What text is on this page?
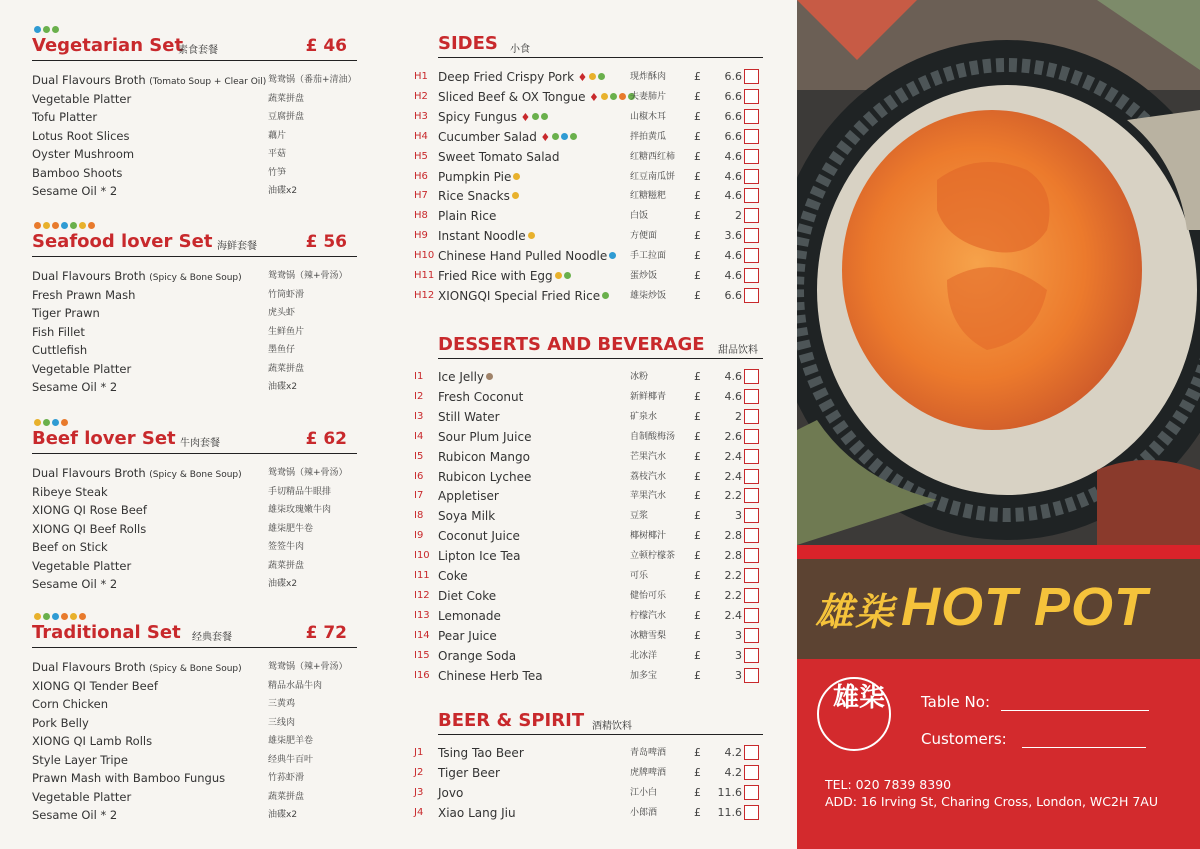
Vegetarian Set
素食套餐	£ 46
Dual Flavours Broth (Tomato Soup + Clear Oil) 鸳鸯锅（番茄+清油）
Vegetable Platter	蔬菜拼盘
Tofu Platter	豆腐拼盘
Lotus Root Slices	藕片
Oyster Mushroom	平菇
Bamboo Shoots	竹笋
Sesame Oil * 2	油碟x2
Seafood lover Set 海鲜套餐	£ 56
Dual Flavours Broth (Spicy & Bone Soup)	鸳鸯锅（辣+骨汤）
Fresh Prawn Mash	竹筒虾滑
Tiger Prawn	虎头虾
Fish Fillet	生鲜鱼片
Cuttlefish	墨鱼仔
Vegetable Platter	蔬菜拼盘
Sesame Oil * 2	油碟x2
Beef lover Set 牛肉套餐	£ 62
Dual Flavours Broth (Spicy & Bone Soup)	鸳鸯锅（辣+骨汤）
Ribeye Steak	手切精品牛眼排
XIONG QI Rose Beef	雄柒玫瑰嫩牛肉
XIONG QI Beef Rolls	雄柒肥牛卷
Beef on Stick	签签牛肉
Vegetable Platter	蔬菜拼盘
Sesame Oil * 2	油碟x2
Traditional Set 经典套餐	£ 72
Dual Flavours Broth (Spicy & Bone Soup)	鸳鸯锅（辣+骨汤）
XIONG QI Tender Beef	精品水晶牛肉
Corn Chicken	三黄鸡
Pork Belly	三线肉
XIONG QI Lamb Rolls	雄柒肥羊卷
Style Layer Tripe	经典牛百叶
Prawn Mash with Bamboo Fungus	竹荪虾滑
Vegetable Platter	蔬菜拼盘
Sesame Oil * 2	油碟x2
SIDES 小食
H1 Deep Fried Crispy Pork ♦	现炸酥肉	£	6.6
H2 Sliced Beef & OX Tongue ♦	夫妻肺片	£	6.6
H3 Spicy Fungus ♦	山椒木耳	£	6.6
H4 Cucumber Salad ♦	拌拍黄瓜	£	6.6
H5 Sweet Tomato Salad	红糖西红柿 £	4.6
H6 Pumpkin Pie	红豆南瓜饼 £	4.6
H7 Rice Snacks	红糖糍粑	£	4.6
H8 Plain Rice	白饭	£	2
H9 Instant Noodle	方便面	£	3.6
H10 Chinese Hand Pulled Noodle	手工拉面	£	4.6
H11 Fried Rice with Egg	蛋炒饭	£	4.6
H12 XIONGQI Special Fried Rice	雄柒炒饭	£	6.6
DESSERTS AND BEVERAGE 甜品饮料
I1 Ice Jelly	冰粉	£	4.6
I2 Fresh Coconut	新鲜椰青	£	4.6
I3 Still Water	矿泉水	£	2
I4 Sour Plum Juice	自制酸梅汤 £	2.6
I5 Rubicon Mango	芒果汽水	£	2.4
I6 Rubicon Lychee	荔枝汽水	£	2.4
I7 Appletiser	苹果汽水	£	2.2
I8 Soya Milk	豆浆	£	3
I9 Coconut Juice	椰树椰汁	£	2.8
I10 Lipton Ice Tea	立顿柠檬茶 £	2.8
I11 Coke	可乐	£	2.2
I12 Diet Coke	健怡可乐	£	2.2
I13 Lemonade	柠檬汽水	£	2.4
I14 Pear Juice	冰糖雪梨	£	3
I15 Orange Soda	北冰洋	£	3
I16 Chinese Herb Tea	加多宝	£	3
BEER & SPIRIT 酒精饮料
J1 Tsing Tao Beer	青岛啤酒	£	4.2
J2 Tiger Beer	虎牌啤酒	£	4.2
J3 Jovo	江小白	£	11.6
J4 Xiao Lang Jiu	小郎酒	£	11.6
雄柒 HOT POT
雄柒 Table No:
Customers:
TEL: 020 7839 8390
ADD: 16 Irving St, Charing Cross, London, WC2H 7AU
